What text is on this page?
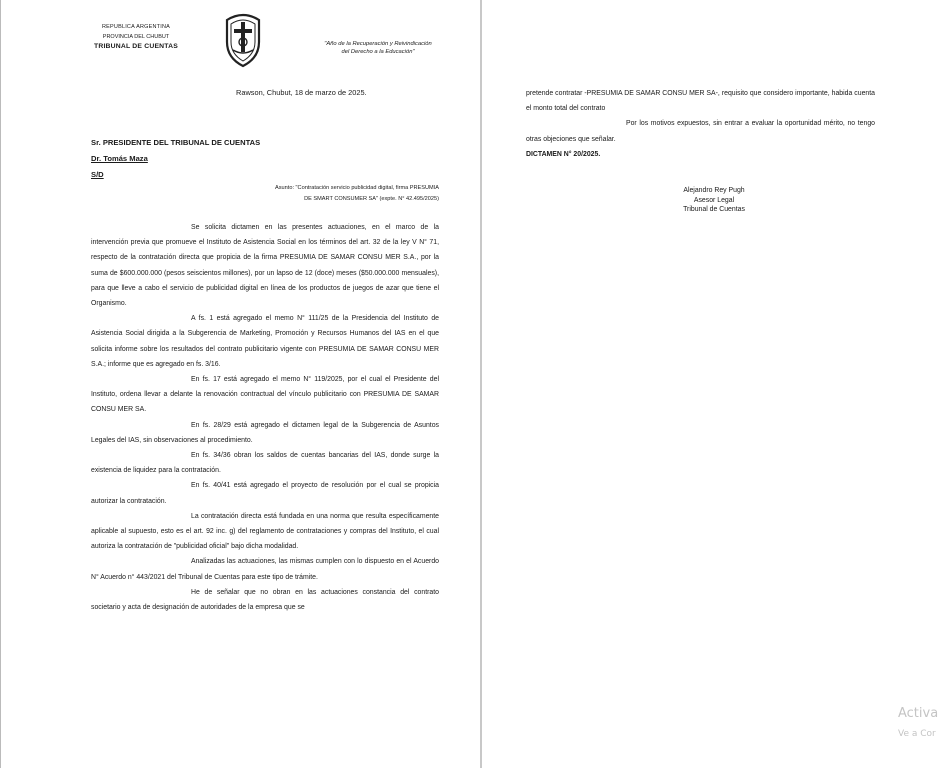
REPUBLICA ARGENTINA
PROVINCIA DEL CHUBUT
TRIBUNAL DE CUENTAS	"Año de la Recuperación y Reivindicación
del Derecho a la Educación"
Rawson, Chubut, 18 de marzo de 2025.
Sr. PRESIDENTE DEL TRIBUNAL DE CUENTAS
Dr. Tomás Maza
S/D
Asunto: "Contratación servicio publicidad digital, firma PRESUMIA
DE SMART CONSUMER SA" (expte. N° 42.495/2025)

Se solicita dictamen en las presentes actuaciones, en el marco de la intervención previa que promueve el Instituto de Asistencia Social en los términos del art. 32 de la ley V N° 71, respecto de la contratación directa que propicia de la firma PRESUMIA DE SAMAR CONSU MER S.A., por la suma de $600.000.000 (pesos seiscientos millones), por un lapso de 12 (doce) meses ($50.000.000 mensuales), para que lleve a cabo el servicio de publicidad digital en línea de los productos de juegos de azar que tiene el Organismo.

A fs. 1 está agregado el memo N° 111/25 de la Presidencia del Instituto de Asistencia Social dirigida a la Subgerencia de Marketing, Promoción y Recursos Humanos del IAS en el que solicita informe sobre los resultados del contrato publicitario vigente con PRESUMIA DE SAMAR CONSU MER S.A.; informe que es agregado en fs. 3/16.

En fs. 17 está agregado el memo N° 119/2025, por el cual el Presidente del Instituto, ordena llevar a delante la renovación contractual del vínculo publicitario con PRESUMIA DE SAMAR CONSU MER SA.

En fs. 28/29 está agregado el dictamen legal de la Subgerencia de Asuntos Legales del IAS, sin observaciones al procedimiento.

En fs. 34/36 obran los saldos de cuentas bancarias del IAS, donde surge la existencia de liquidez para la contratación.

En fs. 40/41 está agregado el proyecto de resolución por el cual se propicia autorizar la contratación.

La contratación directa está fundada en una norma que resulta específicamente aplicable al supuesto, esto es el art. 92 inc. g) del reglamento de contrataciones y compras del Instituto, el cual autoriza la contratación de "publicidad oficial" bajo dicha modalidad.

Analizadas las actuaciones, las mismas cumplen con lo dispuesto en el Acuerdo N° Acuerdo n° 443/2021 del Tribunal de Cuentas para este tipo de trámite.

He de señalar que no obran en las actuaciones constancia del contrato societario y acta de designación de autoridades de la empresa que se

pretende contratar -PRESUMIA DE SAMAR CONSU MER SA-, requisito que considero importante, habida cuenta el monto total del contrato

Por los motivos expuestos, sin entrar a evaluar la oportunidad mérito, no tengo otras objeciones que señalar.

DICTAMEN N° 20/2025.

Alejandro Rey Pugh
Asesor Legal
Tribunal de Cuentas
Activa
Ve a Cor
